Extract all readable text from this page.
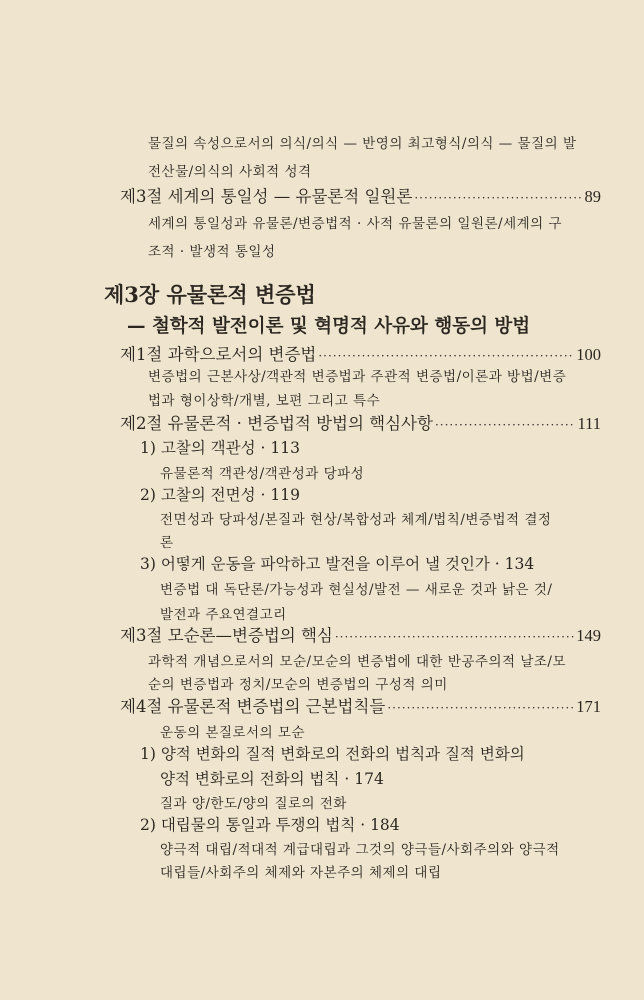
물질의 속성으로서의 의식/의식 — 반영의 최고형식/의식 — 물질의 발
전산물/의식의 사회적 성격
제3절 세계의 통일성 — 유물론적 일원론 ·····	89
세계의 통일성과 유물론/변증법적 · 사적 유물론의 일원론/세계의 구
조적 · 발생적 통일성
제3장 유물론적 변증법
— 철학적 발전이론 및 혁명적 사유와 행동의 방법
제1절 과학으로서의 변증법 ·····	100
변증법의 근본사상/객관적 변증법과 주관적 변증법/이론과 방법/변증
법과 형이상학/개별, 보편 그리고 특수
제2절 유물론적 · 변증법적 방법의 핵심사항 ·····	111
1) 고찰의 객관성 · 113
유물론적 객관성/객관성과 당파성
2) 고찰의 전면성 · 119
전면성과 당파성/본질과 현상/복합성과 체계/법칙/변증법적 결정
론
3) 어떻게 운동을 파악하고 발전을 이루어 낼 것인가 · 134
변증법 대 독단론/가능성과 현실성/발전 — 새로운 것과 낡은 것/
발전과 주요연결고리
제3절 모순론—변증법의 핵심 ·····	149
과학적 개념으로서의 모순/모순의 변증법에 대한 반공주의적 날조/모
순의 변증법과 정치/모순의 변증법의 구성적 의미
제4절 유물론적 변증법의 근본법칙들 ·····	171
운동의 본질로서의 모순
1) 양적 변화의 질적 변화로의 전화의 법칙과 질적 변화의
양적 변화로의 전화의 법칙 · 174
질과 양/한도/양의 질로의 전화
2) 대립물의 통일과 투쟁의 법칙 · 184
양극적 대립/적대적 계급대립과 그것의 양극들/사회주의와 양극적
대립들/사회주의 체제와 자본주의 체제의 대립
